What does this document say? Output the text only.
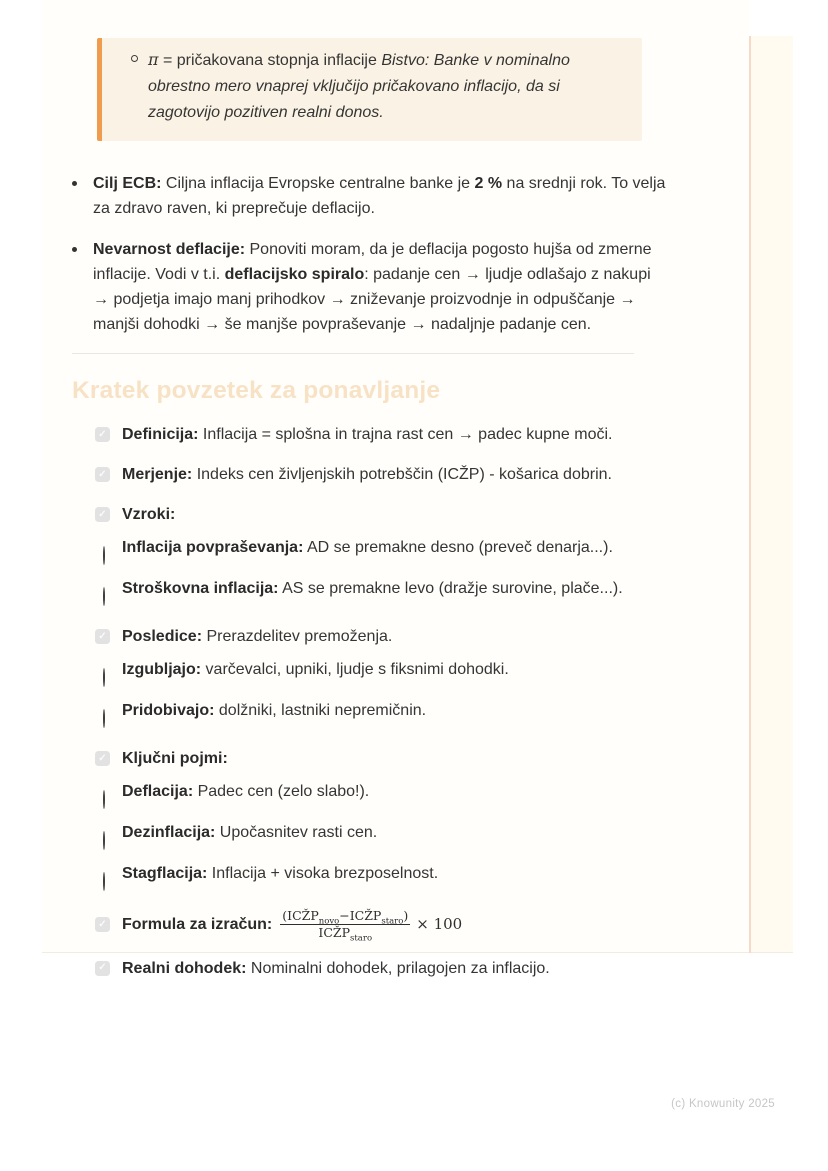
π = pričakovana stopnja inflacije Bistvo: Banke v nominalno obrestno mero vnaprej vključijo pričakovano inflacijo, da si zagotovijo pozitiven realni donos.
Cilj ECB: Ciljna inflacija Evropske centralne banke je 2 % na srednji rok. To velja za zdravo raven, ki preprečuje deflacijo.
Nevarnost deflacije: Ponoviti moram, da je deflacija pogosto hujša od zmerne inflacije. Vodi v t.i. deflacijsko spiralo: padanje cen → ljudje odlašajo z nakupi → podjetja imajo manj prihodkov → zniževanje proizvodnje in odpuščanje → manjši dohodki → še manjše povpraševanje → nadaljnje padanje cen.
Kratek povzetek za ponavljanje
✓ Definicija: Inflacija = splošna in trajna rast cen → padec kupne moči.
✓ Merjenje: Indeks cen življenjskih potrebščin (ICŽP) - košarica dobrin.
✓ Vzroki:
Inflacija povpraševanja: AD se premakne desno (preveč denarja...).
Stroškovna inflacija: AS se premakne levo (dražje surovine, plače...).
✓ Posledice: Prerazdelitev premoženja.
Izgubljajo: varčevalci, upniki, ljudje s fiksnimi dohodki.
Pridobivajo: dolžniki, lastniki nepremičnin.
✓ Ključni pojmi:
Deflacija: Padec cen (zelo slabo!).
Dezinflacija: Upočasnitev rasti cen.
Stagflacija: Inflacija + visoka brezposelnost.
✓ Formula za izračun: $\frac{(ICŽP_{novo}-ICŽP_{staro})}{ICŽP_{staro}} \times 100$
✓ Realni dohodek: Nominalni dohodek, prilagojen za inflacijo.
(c) Knowunity 2025
